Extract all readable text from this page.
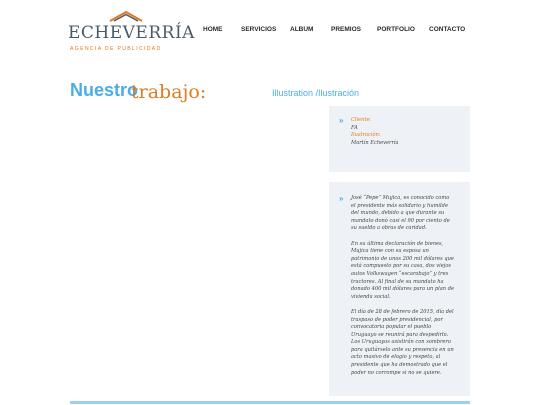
ECHEVERRÍA
AGENCIA DE PUBLICIDAD
HOME	SERVICIOS ALBUM	PREMIOS PORTFOLIO CONTACTO
Nuestro
trabajo:	Illustration /Ilustración
» Cliente:
FA
Ilustración:
Martín Echeverría
» José “Pepe” Mujica, es conocido como
el presidente más solidario y humilde
del mundo, debido a que durante su
mandato donó casi el 90 por ciento de
su sueldo a obras de caridad.
En su última declaración de bienes,
Mujica tiene con su esposa un
patrimonio de unos 200 mil dólares que
está compuesto por su casa, dos viejos
autos Volkswagen “escarabajo” y tres
tractores. Al final de su mandato ha
donado 400 mil dólares para un plan de
vivienda social.
El día de 28 de febrero de 2015, día del
traspaso de poder presidencial, por
convocatoria popular el pueblo
Uruguayo se reunirá para despedirlo.
Los Uruguayos asistirán con sombrero
para quitárselo ante su presencia en un
acto masivo de elogio y respeto, al
presidente que ha demostrado que el
poder no corrompe si no se quiere.
